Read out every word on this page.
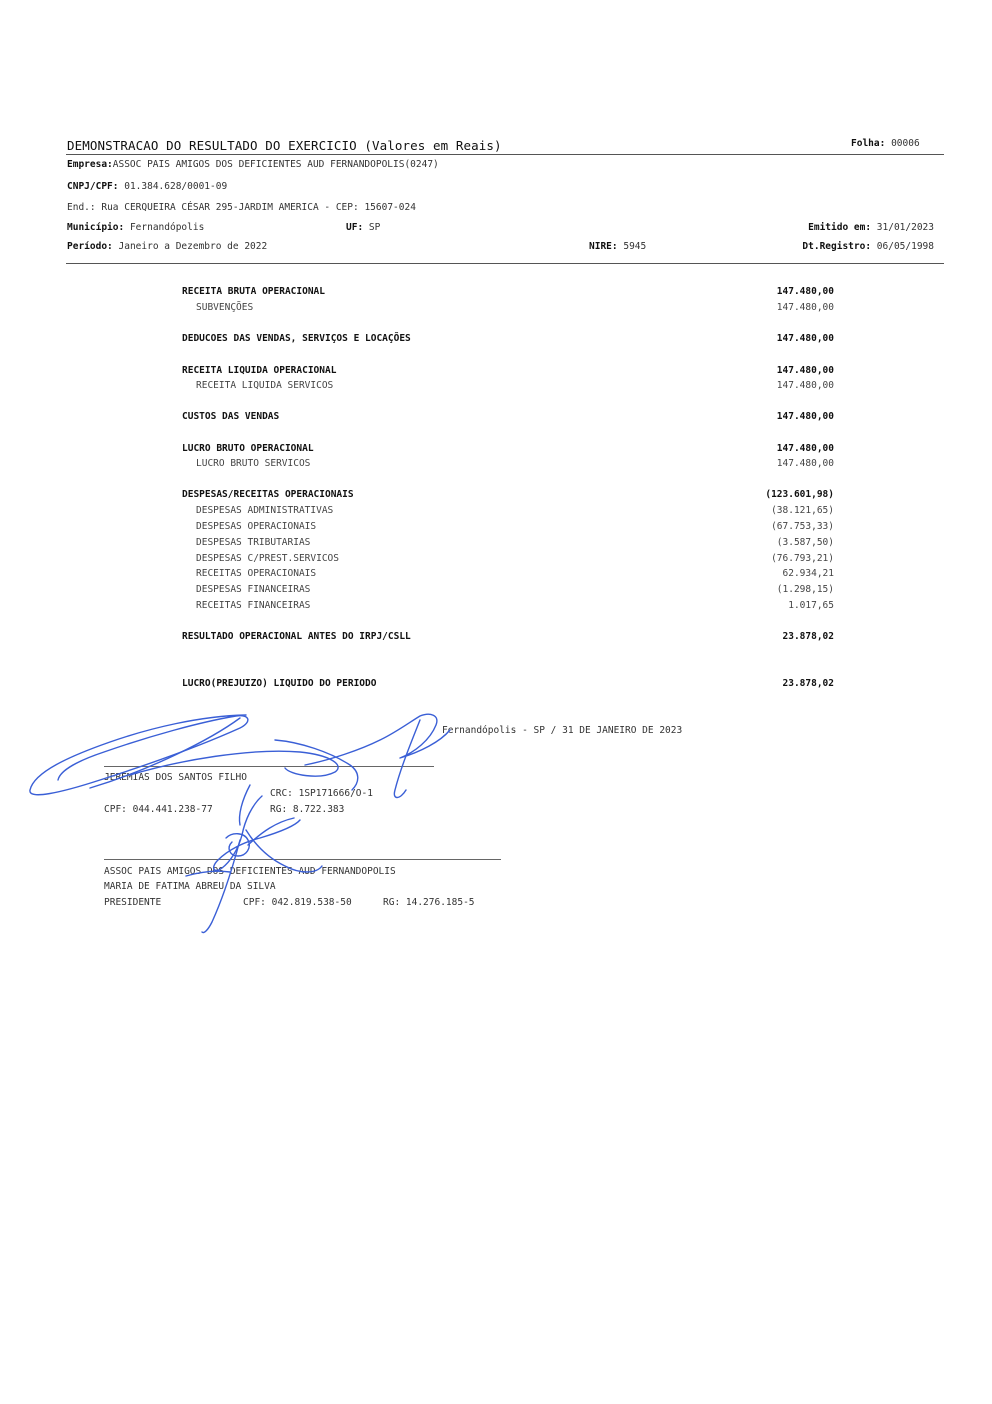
DEMONSTRACAO DO RESULTADO DO EXERCICIO (Valores em Reais)	Folha: 00006
Empresa:ASSOC PAIS AMIGOS DOS DEFICIENTES AUD FERNANDOPOLIS(0247)
CNPJ/CPF: 01.384.628/0001-09
End.: Rua CERQUEIRA CÉSAR 295-JARDIM AMERICA - CEP: 15607-024
Município: Fernandópolis	UF: SP	Emitido em: 31/01/2023
Período: Janeiro a Dezembro de 2022	NIRE: 5945	Dt.Registro: 06/05/1998
RECEITA BRUTA OPERACIONAL	147.480,00
SUBVENÇÕES	147.480,00
DEDUCOES DAS VENDAS, SERVIÇOS E LOCAÇÕES	147.480,00
RECEITA LIQUIDA OPERACIONAL	147.480,00
RECEITA LIQUIDA SERVICOS	147.480,00
CUSTOS DAS VENDAS	147.480,00
LUCRO BRUTO OPERACIONAL	147.480,00
LUCRO BRUTO SERVICOS	147.480,00
DESPESAS/RECEITAS OPERACIONAIS	(123.601,98)
DESPESAS ADMINISTRATIVAS	(38.121,65)
DESPESAS OPERACIONAIS	(67.753,33)
DESPESAS TRIBUTARIAS	(3.587,50)
DESPESAS C/PREST.SERVICOS	(76.793,21)
RECEITAS OPERACIONAIS	62.934,21
DESPESAS FINANCEIRAS	(1.298,15)
RECEITAS FINANCEIRAS	1.017,65
RESULTADO OPERACIONAL ANTES DO IRPJ/CSLL	23.878,02
LUCRO(PREJUIZO) LIQUIDO DO PERIODO	23.878,02
Fernandópolis - SP / 31 DE JANEIRO DE 2023
JEREMIAS DOS SANTOS FILHO
CRC: 1SP171666/O-1
CPF: 044.441.238-77	RG: 8.722.383
ASSOC PAIS AMIGOS DOS DEFICIENTES AUD FERNANDOPOLIS
MARIA DE FATIMA ABREU DA SILVA
PRESIDENTE	CPF: 042.819.538-50	RG: 14.276.185-5
